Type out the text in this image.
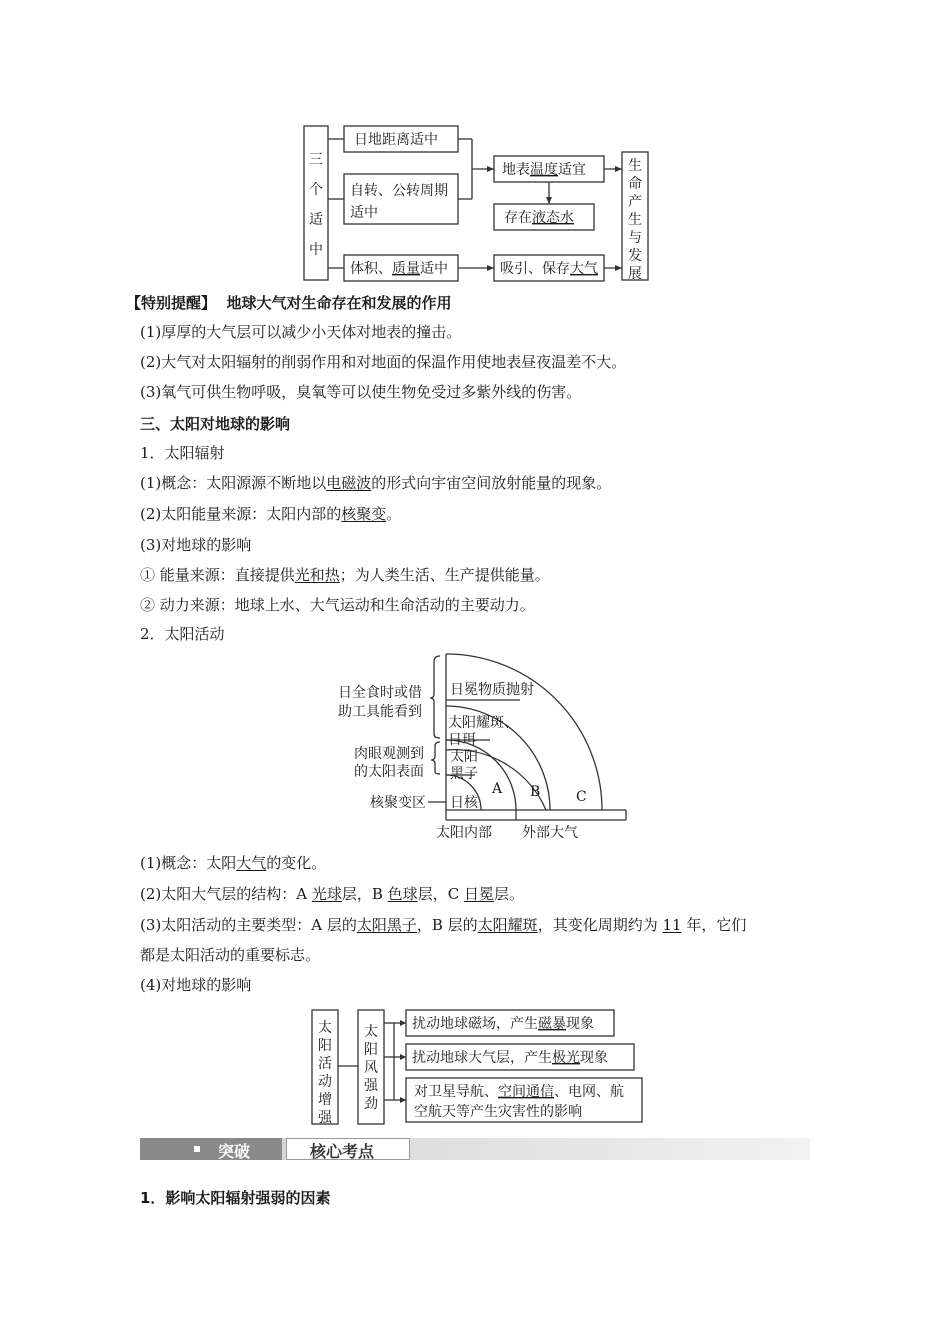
三
个
适
中
日地距离适中
自转、公转周期
适中
体积、质量适中
地表温度适宜
存在液态水
吸引、保存大气
生
命
产
生
与
发
展
【特别提醒】 地球大气对生命存在和发展的作用
(1)厚厚的大气层可以减少小天体对地表的撞击。
(2)大气对太阳辐射的削弱作用和对地面的保温作用使地表昼夜温差不大。
(3)氧气可供生物呼吸，臭氧等可以使生物免受过多紫外线的伤害。
三、太阳对地球的影响
1．太阳辐射
(1)概念：太阳源源不断地以电磁波的形式向宇宙空间放射能量的现象。
(2)太阳能量来源：太阳内部的核聚变。
(3)对地球的影响
① 能量来源：直接提供光和热；为人类生活、生产提供能量。
② 动力来源：地球上水、大气运动和生命活动的主要动力。
2．太阳活动
日全食时或借
助工具能看到
肉眼观测到
的太阳表面
核聚变区
日冕物质抛射
太阳耀斑、
日珥
太阳
黑子
日核
A B	C
太阳内部 外部大气
(1)概念：太阳大气的变化。
(2)太阳大气层的结构：A 光球层，B 色球层，C 日冕层。
(3)太阳活动的主要类型：A 层的太阳黑子，B 层的太阳耀斑，其变化周期约为 11 年，它们
都是太阳活动的重要标志。
(4)对地球的影响
太
阳
活
动
增
强
太
阳
风
强
劲
扰动地球磁场，产生磁暴现象
扰动地球大气层，产生极光现象
对卫星导航、空间通信、电网、航
空航天等产生灾害性的影响
突破	核心考点
1．影响太阳辐射强弱的因素
